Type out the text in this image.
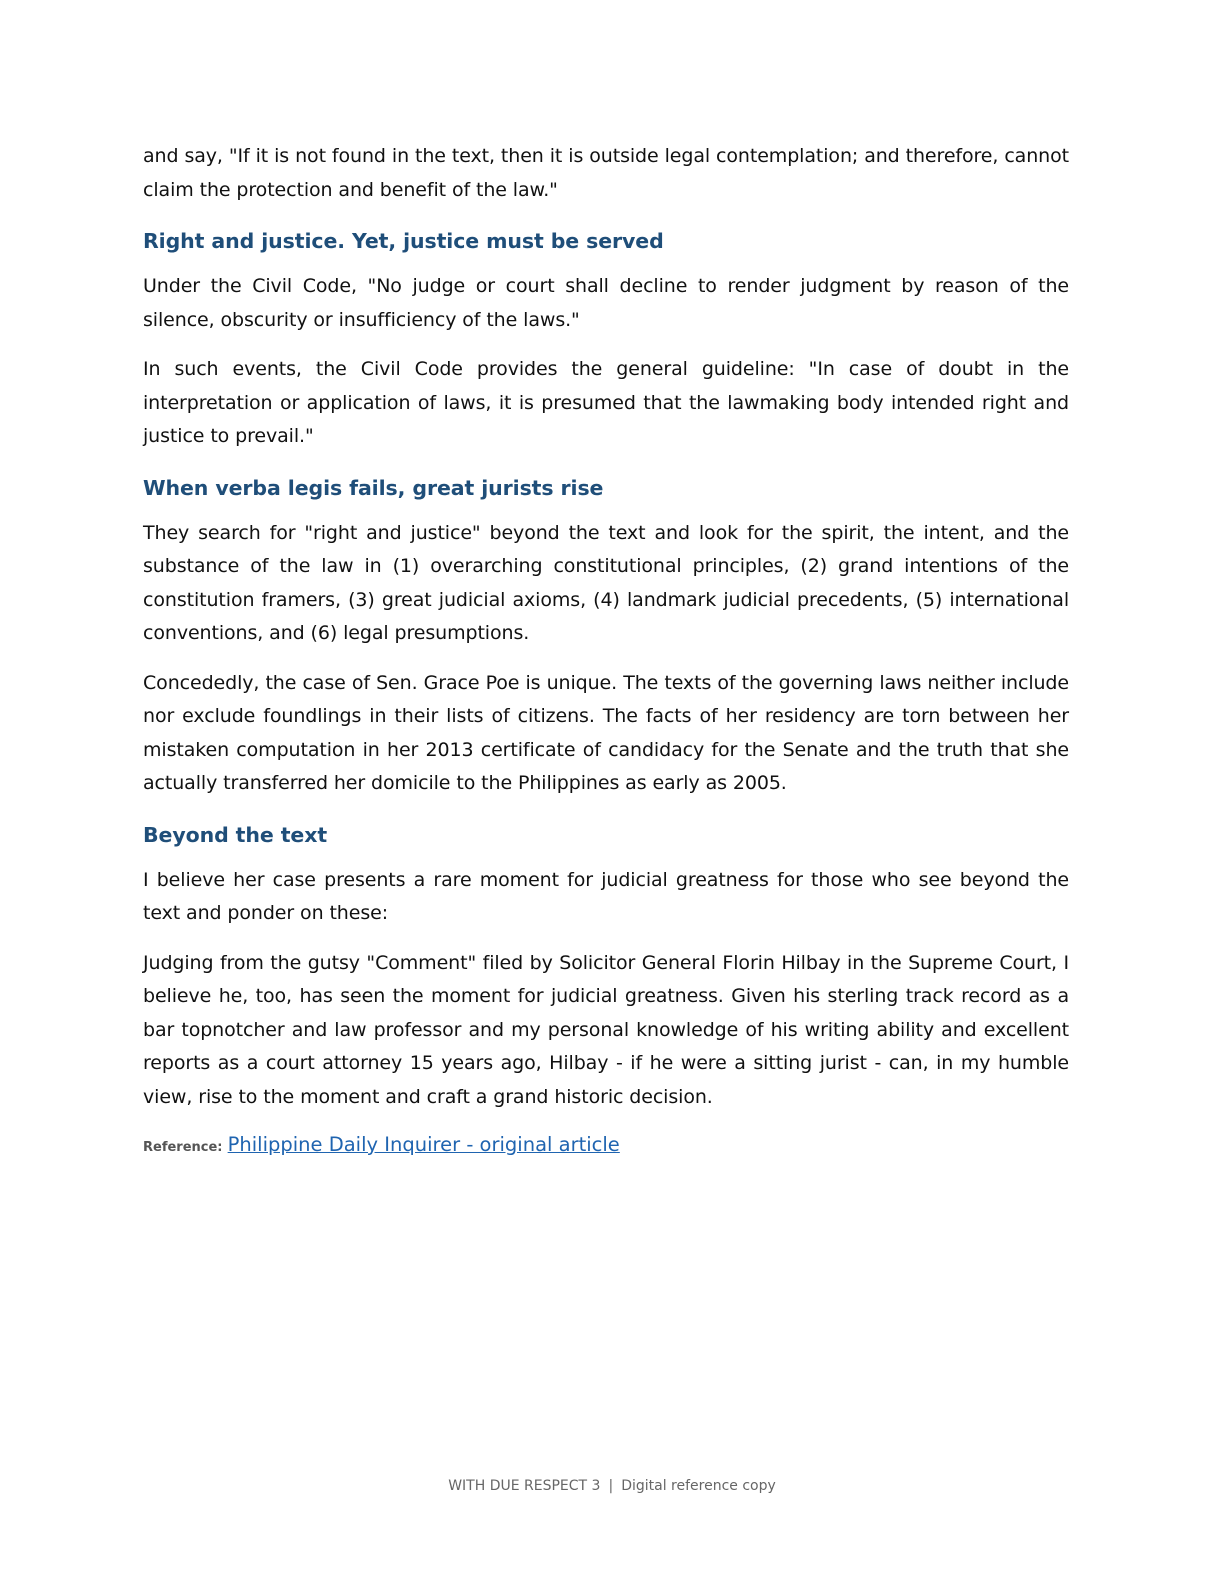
and say, "If it is not found in the text, then it is outside legal contemplation; and therefore, cannot claim the protection and benefit of the law."

Right and justice. Yet, justice must be served

Under the Civil Code, "No judge or court shall decline to render judgment by reason of the silence, obscurity or insufficiency of the laws."

In such events, the Civil Code provides the general guideline: "In case of doubt in the interpretation or application of laws, it is presumed that the lawmaking body intended right and justice to prevail."

When verba legis fails, great jurists rise

They search for "right and justice" beyond the text and look for the spirit, the intent, and the substance of the law in (1) overarching constitutional principles, (2) grand intentions of the constitution framers, (3) great judicial axioms, (4) landmark judicial precedents, (5) international conventions, and (6) legal presumptions.

Concededly, the case of Sen. Grace Poe is unique. The texts of the governing laws neither include nor exclude foundlings in their lists of citizens. The facts of her residency are torn between her mistaken computation in her 2013 certificate of candidacy for the Senate and the truth that she actually transferred her domicile to the Philippines as early as 2005.

Beyond the text

I believe her case presents a rare moment for judicial greatness for those who see beyond the text and ponder on these:

Judging from the gutsy "Comment" filed by Solicitor General Florin Hilbay in the Supreme Court, I believe he, too, has seen the moment for judicial greatness. Given his sterling track record as a bar topnotcher and law professor and my personal knowledge of his writing ability and excellent reports as a court attorney 15 years ago, Hilbay - if he were a sitting jurist - can, in my humble view, rise to the moment and craft a grand historic decision.

Reference: Philippine Daily Inquirer - original article
WITH DUE RESPECT 3 | Digital reference copy
